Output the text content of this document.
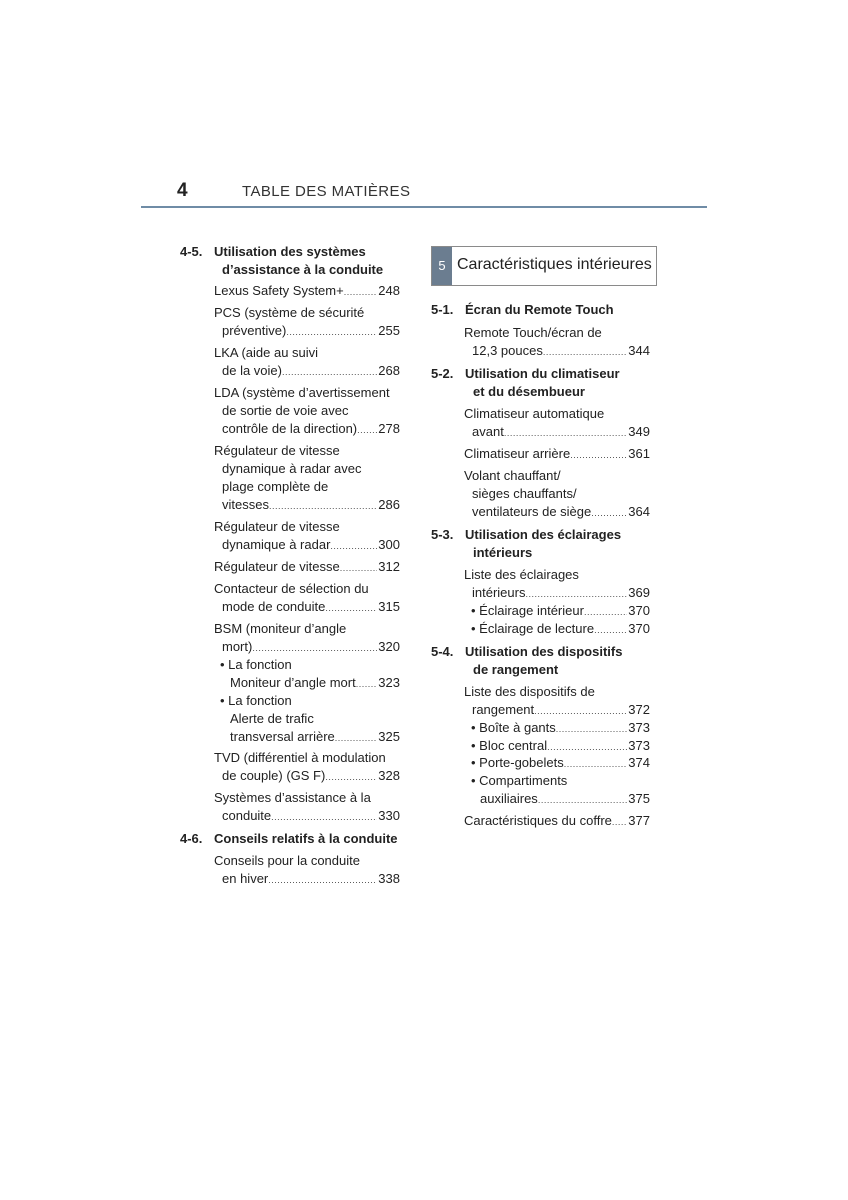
4	TABLE DES MATIÈRES
4-5. Utilisation des systèmes
d’assistance à la conduite
Lexus Safety System+ .....	248
PCS (système de sécurité
préventive) .....	255
LKA (aide au suivi
de la voie) .....	268
LDA (système d’avertissement
de sortie de voie avec
contrôle de la direction) ..... 278
Régulateur de vitesse
dynamique à radar avec
plage complète de
vitesses .....	286
Régulateur de vitesse
dynamique à radar .....	300
Régulateur de vitesse .....	312
Contacteur de sélection du
mode de conduite .....	315
BSM (moniteur d’angle
mort) .....	320
• La fonction
Moniteur d’angle mort ..... 323
• La fonction
Alerte de trafic
transversal arrière .....	325
TVD (différentiel à modulation
de couple) (GS F) .....	328
Systèmes d’assistance à la
conduite .....	330
4-6. Conseils relatifs à la conduite
Conseils pour la conduite
en hiver .....	338
5 Caractéristiques intérieures
5-1. Écran du Remote Touch
Remote Touch/écran de
12,3 pouces .....	344
5-2. Utilisation du climatiseur
et du désembueur
Climatiseur automatique
avant .....	349
Climatiseur arrière .....	361
Volant chauffant/
sièges chauffants/
ventilateurs de siège .....	364
5-3. Utilisation des éclairages
intérieurs
Liste des éclairages
intérieurs .....	369
• Éclairage intérieur .....	370
• Éclairage de lecture .....	370
5-4. Utilisation des dispositifs
de rangement
Liste des dispositifs de
rangement .....	372
• Boîte à gants .....	373
• Bloc central .....	373
• Porte-gobelets .....	374
• Compartiments
auxiliaires .....	375
Caractéristiques du coffre ..... 377
